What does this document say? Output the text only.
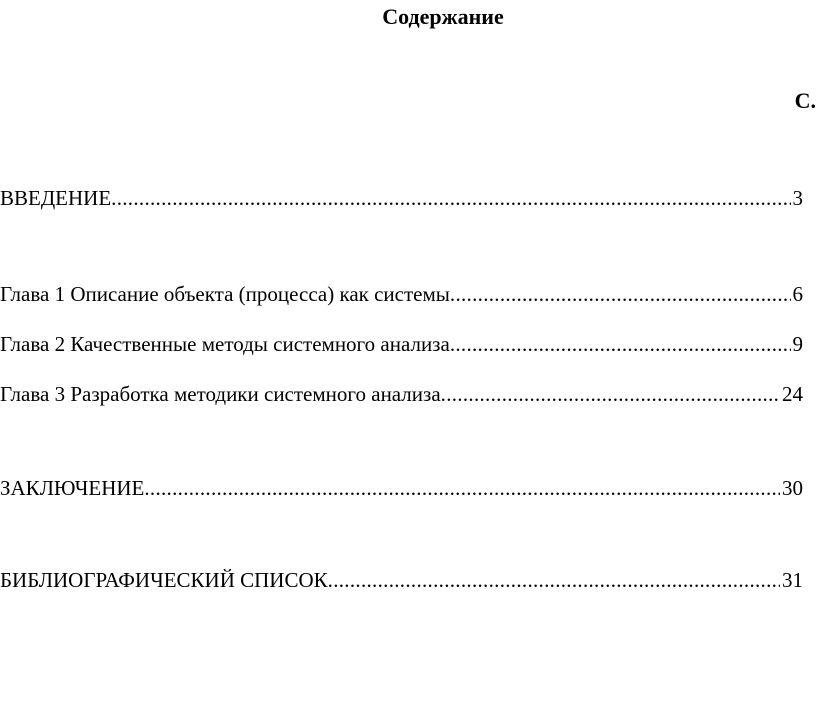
Содержание
С.
ВВЕДЕНИЕ .....	3
Глава 1 Описание объекта (процесса) как системы .....	6
Глава 2 Качественные методы системного анализа .....	9
Глава 3 Разработка методики системного анализа .....	24
ЗАКЛЮЧЕНИЕ .....	30
БИБЛИОГРАФИЧЕСКИЙ СПИСОК .....	31
